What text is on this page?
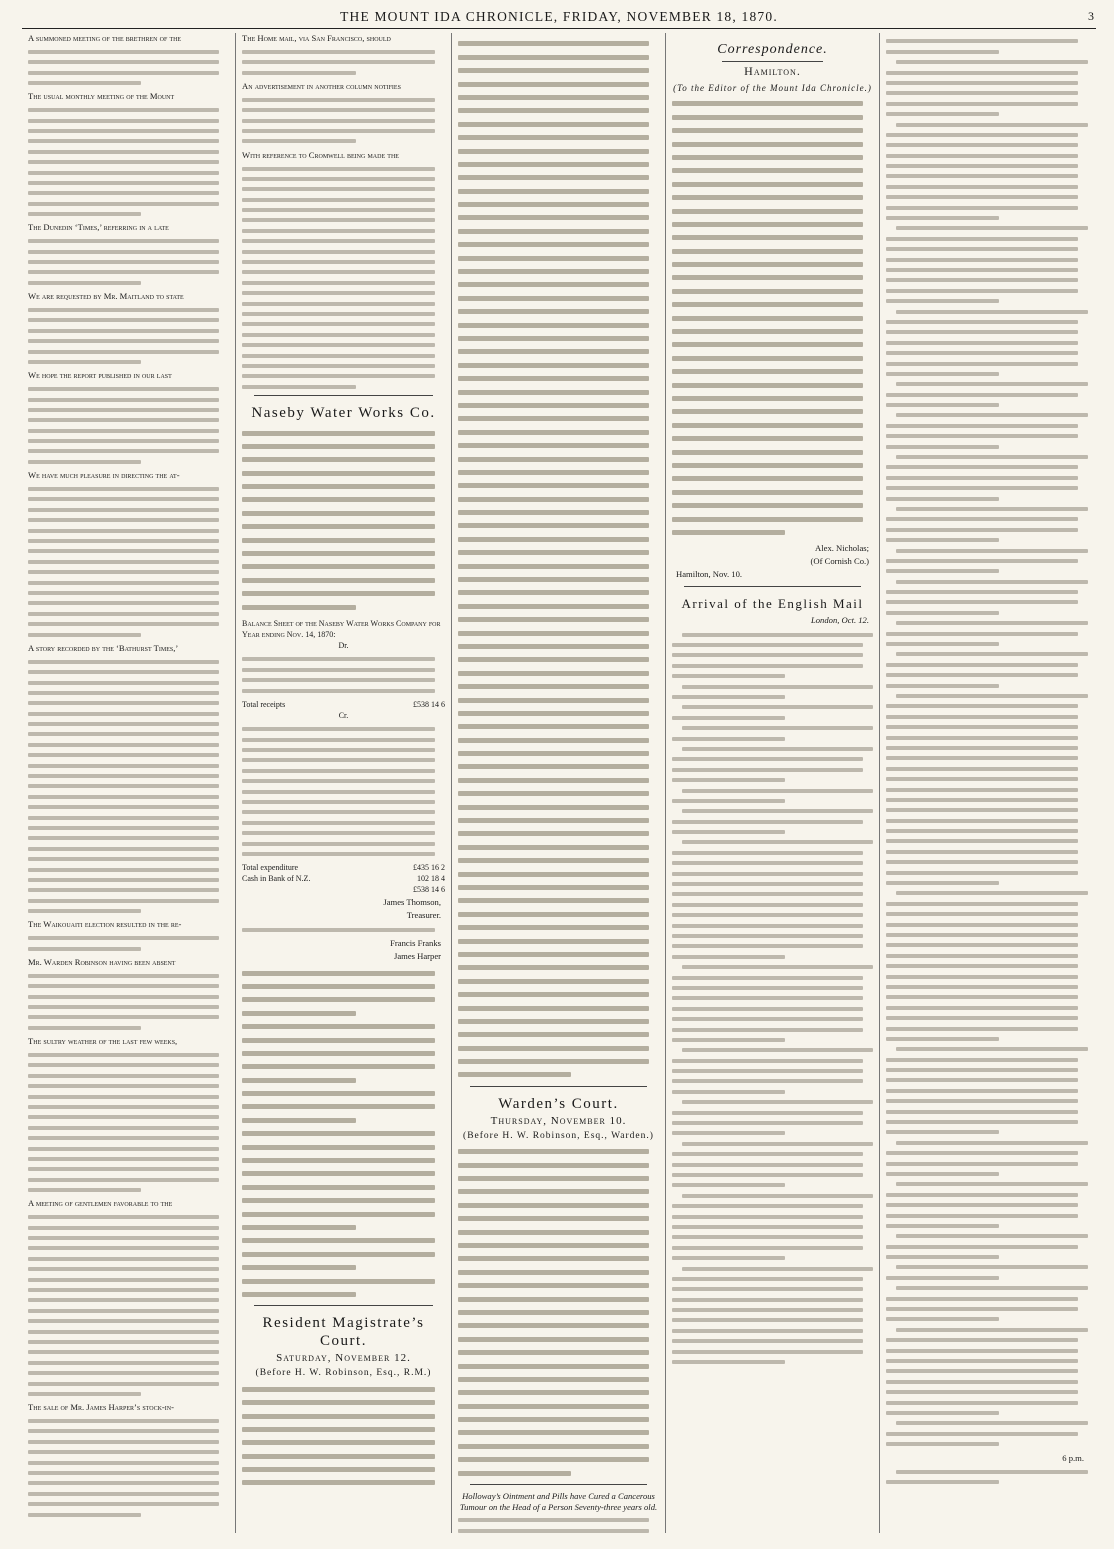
THE MOUNT IDA CHRONICLE, FRIDAY, NOVEMBER 18, 1870.	3
A summoned meeting of the brethren of the
The usual monthly meeting of the Mount
The Dunedin ‘Times,’ referring in a late
We are requested by Mr. Maitland to state
We hope the report published in our last
We have much pleasure in directing the at-
A story recorded by the ‘Bathurst Times,’
The Waikouaiti election resulted in the re-
Mr. Warden Robinson having been absent
The sultry weather of the last few weeks,
A meeting of gentlemen favorable to the
The sale of Mr. James Harper’s stock-in-
The Home mail, via San Francisco, should
An advertisement in another column notifies
With reference to Cromwell being made the
Naseby Water Works Co.
Balance Sheet of the Naseby Water Works Company for Year ending Nov. 14, 1870:
Dr.
Total receipts	£538 14 6
Cr.
Total expenditure	£435 16 2
Cash in Bank of N.Z.	102 18 4
£538 14 6
James Thomson,
Treasurer.
Francis Franks
James Harper
Resident Magistrate’s Court.
Saturday, November 12.
(Before H. W. Robinson, Esq., R.M.)
Warden’s Court.
Thursday, November 10.
(Before H. W. Robinson, Esq., Warden.)
Holloway’s Ointment and Pills have Cured a Cancerous Tumour on the Head of a Person Seventy-three years old.
Correspondence.
Hamilton.
(To the Editor of the Mount Ida Chronicle.)
Alex. Nicholas;
(Of Cornish Co.)
Hamilton, Nov. 10.
Arrival of the English Mail
London, Oct. 12.
6 p.m.
